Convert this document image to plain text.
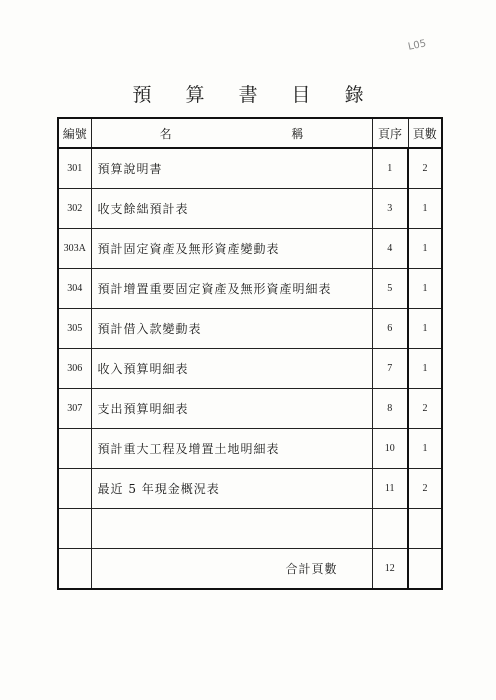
L05
預 算 書 目 錄
編號	名 稱	頁序	頁數
301	預算說明書	1	2
302	收支餘絀預計表	3	1
303A	預計固定資產及無形資產變動表	4	1
304	預計增置重要固定資產及無形資產明細表	5	1
305	預計借入款變動表	6	1
306	收入預算明細表	7	1
307	支出預算明細表	8	2
	預計重大工程及增置土地明細表	10	1
	最近 5 年現金概況表	11	2

	合計頁數	12	
